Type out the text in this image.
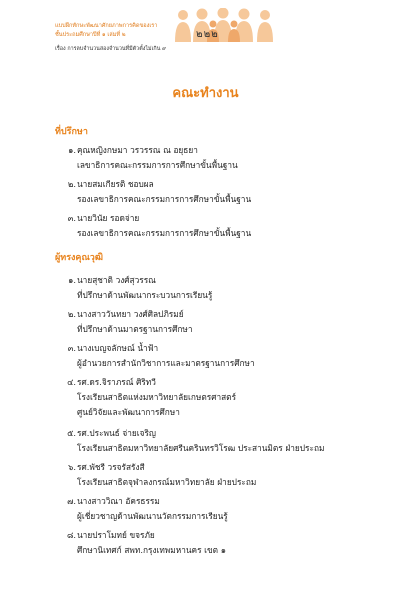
แบบฝึกทักษะพัฒนาศักยภาพการคิดของเรา
ชั้นประถมศึกษาปีที่ ๑ เล่มที่ ๒
เรื่อง การลบจำนวนสองจำนวนที่มีตัวตั้งไม่เกิน ๙
๒๒๒
คณะทำงาน
ที่ปรึกษา
๑. คุณหญิงกษมา วรวรรณ ณ อยุธยา
เลขาธิการคณะกรรมการการศึกษาขั้นพื้นฐาน
๒. นายสมเกียรติ ชอบผล
รองเลขาธิการคณะกรรมการการศึกษาขั้นพื้นฐาน
๓. นายวินัย รอดจ่าย
รองเลขาธิการคณะกรรมการการศึกษาขั้นพื้นฐาน
ผู้ทรงคุณวุฒิ
๑. นายสุชาติ วงศ์สุวรรณ
ที่ปรึกษาด้านพัฒนากระบวนการเรียนรู้
๒. นางสาววันทยา วงศ์ศิลปภิรมย์
ที่ปรึกษาด้านมาตรฐานการศึกษา
๓. นางเบญจลักษณ์ น้ำฟ้า
ผู้อำนวยการสำนักวิชาการและมาตรฐานการศึกษา
๔. รศ.ดร.จิราภรณ์ ศิริทวี
โรงเรียนสาธิตแห่งมหาวิทยาลัยเกษตรศาสตร์
ศูนย์วิจัยและพัฒนาการศึกษา
๕. รศ.ประพนธ์ จ่ายเจริญ
โรงเรียนสาธิตมหาวิทยาลัยศรีนครินทรวิโรฒ ประสานมิตร ฝ่ายประถม
๖. รศ.พัชรี วรจรัสรังสี
โรงเรียนสาธิตจุฬาลงกรณ์มหาวิทยาลัย ฝ่ายประถม
๗. นางสาววิณา อัครธรรม
ผู้เชี่ยวชาญด้านพัฒนานวัตกรรมการเรียนรู้
๘. นายปราโมทย์ ขจรภัย
ศึกษานิเทศก์ สพท.กรุงเทพมหานคร เขต ๑
